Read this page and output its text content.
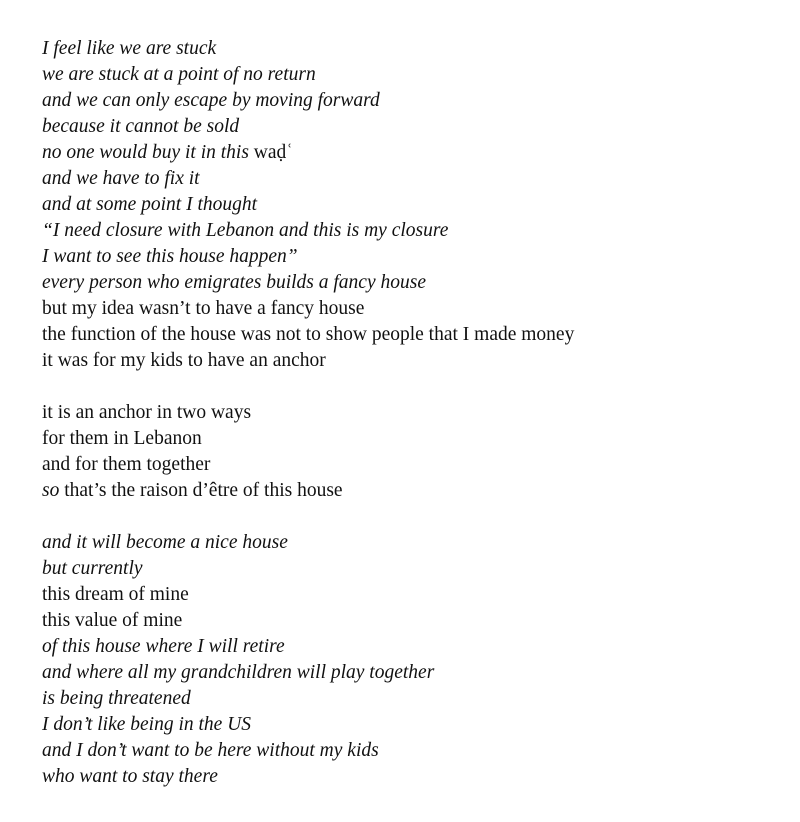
I feel like we are stuck
we are stuck at a point of no return
and we can only escape by moving forward
because it cannot be sold
no one would buy it in this waḍʿ
and we have to fix it
and at some point I thought
“I need closure with Lebanon and this is my closure
I want to see this house happen”
every person who emigrates builds a fancy house
but my idea wasn’t to have a fancy house
the function of the house was not to show people that I made money
it was for my kids to have an anchor
it is an anchor in two ways
for them in Lebanon
and for them together
so that’s the raison d’être of this house
and it will become a nice house
but currently
this dream of mine
this value of mine
of this house where I will retire
and where all my grandchildren will play together
is being threatened
I don’t like being in the US
and I don’t want to be here without my kids
who want to stay there
